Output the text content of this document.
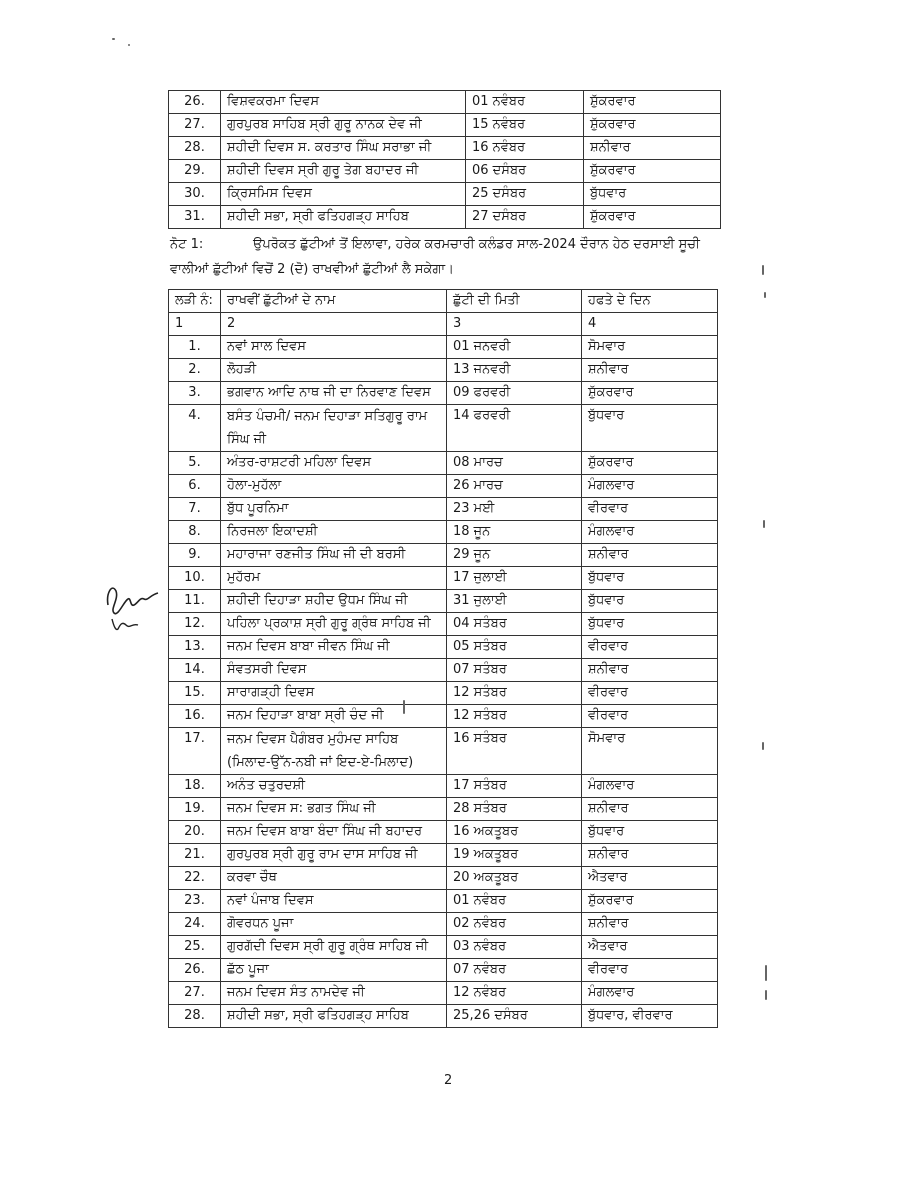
26.	ਵਿਸ਼ਵਕਰਮਾ ਦਿਵਸ	01 ਨਵੰਬਰ	ਸ਼ੁੱਕਰਵਾਰ
27.	ਗੁਰਪੁਰਬ ਸਾਹਿਬ ਸ੍ਰੀ ਗੁਰੂ ਨਾਨਕ ਦੇਵ ਜੀ	15 ਨਵੰਬਰ	ਸ਼ੁੱਕਰਵਾਰ
28.	ਸ਼ਹੀਦੀ ਦਿਵਸ ਸ. ਕਰਤਾਰ ਸਿੰਘ ਸਰਾਭਾ ਜੀ	16 ਨਵੰਬਰ	ਸ਼ਨੀਵਾਰ
29.	ਸ਼ਹੀਦੀ ਦਿਵਸ ਸ੍ਰੀ ਗੁਰੂ ਤੇਗ ਬਹਾਦਰ ਜੀ	06 ਦਸੰਬਰ	ਸ਼ੁੱਕਰਵਾਰ
30.	ਕ੍ਰਿਸਮਿਸ ਦਿਵਸ	25 ਦਸੰਬਰ	ਬੁੱਧਵਾਰ
31.	ਸ਼ਹੀਦੀ ਸਭਾ, ਸ੍ਰੀ ਫਤਿਹਗੜ੍ਹ ਸਾਹਿਬ	27 ਦਸੰਬਰ	ਸ਼ੁੱਕਰਵਾਰ
ਨੋਟ 1:	ਉਪਰੋਕਤ ਛੁੱਟੀਆਂ ਤੋਂ ਇਲਾਵਾ, ਹਰੇਕ ਕਰਮਚਾਰੀ ਕਲੰਡਰ ਸਾਲ-2024 ਦੌਰਾਨ ਹੇਠ ਦਰਸਾਈ ਸੂਚੀ
ਵਾਲੀਆਂ ਛੁੱਟੀਆਂ ਵਿਚੋਂ 2 (ਦੋ) ਰਾਖਵੀਆਂ ਛੁੱਟੀਆਂ ਲੈ ਸਕੇਗਾ।
ਲੜੀ ਨੰ:	ਰਾਖਵੀਂ ਛੁੱਟੀਆਂ ਦੇ ਨਾਮ	ਛੁੱਟੀ ਦੀ ਮਿਤੀ	ਹਫਤੇ ਦੇ ਦਿਨ
1	2	3	4
1.	ਨਵਾਂ ਸਾਲ ਦਿਵਸ	01 ਜਨਵਰੀ	ਸੋਮਵਾਰ
2.	ਲੋਹੜੀ	13 ਜਨਵਰੀ	ਸ਼ਨੀਵਾਰ
3.	ਭਗਵਾਨ ਆਦਿ ਨਾਥ ਜੀ ਦਾ ਨਿਰਵਾਣ ਦਿਵਸ	09 ਫਰਵਰੀ	ਸ਼ੁੱਕਰਵਾਰ
4.	ਬਸੰਤ ਪੰਚਮੀ/ ਜਨਮ ਦਿਹਾੜਾ ਸਤਿਗੁਰੂ ਰਾਮ ਸਿੰਘ ਜੀ	14 ਫਰਵਰੀ	ਬੁੱਧਵਾਰ
5.	ਅੰਤਰ-ਰਾਸ਼ਟਰੀ ਮਹਿਲਾ ਦਿਵਸ	08 ਮਾਰਚ	ਸ਼ੁੱਕਰਵਾਰ
6.	ਹੋਲਾ-ਮੁਹੱਲਾ	26 ਮਾਰਚ	ਮੰਗਲਵਾਰ
7.	ਬੁੱਧ ਪੂਰਨਿਮਾ	23 ਮਈ	ਵੀਰਵਾਰ
8.	ਨਿਰਜਲਾ ਇਕਾਦਸ਼ੀ	18 ਜੂਨ	ਮੰਗਲਵਾਰ
9.	ਮਹਾਰਾਜਾ ਰਣਜੀਤ ਸਿੰਘ ਜੀ ਦੀ ਬਰਸੀ	29 ਜੂਨ	ਸ਼ਨੀਵਾਰ
10.	ਮੁਹੱਰਮ	17 ਜੁਲਾਈ	ਬੁੱਧਵਾਰ
11.	ਸ਼ਹੀਦੀ ਦਿਹਾੜਾ ਸ਼ਹੀਦ ਉਧਮ ਸਿੰਘ ਜੀ	31 ਜੁਲਾਈ	ਬੁੱਧਵਾਰ
12.	ਪਹਿਲਾ ਪ੍ਰਕਾਸ਼ ਸ੍ਰੀ ਗੁਰੂ ਗ੍ਰੰਥ ਸਾਹਿਬ ਜੀ	04 ਸਤੰਬਰ	ਬੁੱਧਵਾਰ
13.	ਜਨਮ ਦਿਵਸ ਬਾਬਾ ਜੀਵਨ ਸਿੰਘ ਜੀ	05 ਸਤੰਬਰ	ਵੀਰਵਾਰ
14.	ਸੰਵਤਸਰੀ ਦਿਵਸ	07 ਸਤੰਬਰ	ਸ਼ਨੀਵਾਰ
15.	ਸਾਰਾਗੜ੍ਹੀ ਦਿਵਸ	12 ਸਤੰਬਰ	ਵੀਰਵਾਰ
16.	ਜਨਮ ਦਿਹਾੜਾ ਬਾਬਾ ਸ੍ਰੀ ਚੰਦ ਜੀ	12 ਸਤੰਬਰ	ਵੀਰਵਾਰ
17.	ਜਨਮ ਦਿਵਸ ਪੈਗੰਬਰ ਮੁਹੰਮਦ ਸਾਹਿਬ (ਮਿਲਾਦ-ਉੱਨ-ਨਬੀ ਜਾਂ ਇਦ-ਏ-ਮਿਲਾਦ)	16 ਸਤੰਬਰ	ਸੋਮਵਾਰ
18.	ਅਨੰਤ ਚਤੁਰਦਸ਼ੀ	17 ਸਤੰਬਰ	ਮੰਗਲਵਾਰ
19.	ਜਨਮ ਦਿਵਸ ਸ: ਭਗਤ ਸਿੰਘ ਜੀ	28 ਸਤੰਬਰ	ਸ਼ਨੀਵਾਰ
20.	ਜਨਮ ਦਿਵਸ ਬਾਬਾ ਬੰਦਾ ਸਿੰਘ ਜੀ ਬਹਾਦਰ	16 ਅਕਤੂਬਰ	ਬੁੱਧਵਾਰ
21.	ਗੁਰਪੁਰਬ ਸ੍ਰੀ ਗੁਰੂ ਰਾਮ ਦਾਸ ਸਾਹਿਬ ਜੀ	19 ਅਕਤੂਬਰ	ਸ਼ਨੀਵਾਰ
22.	ਕਰਵਾ ਚੌਥ	20 ਅਕਤੂਬਰ	ਐਤਵਾਰ
23.	ਨਵਾਂ ਪੰਜਾਬ ਦਿਵਸ	01 ਨਵੰਬਰ	ਸ਼ੁੱਕਰਵਾਰ
24.	ਗੋਵਰਧਨ ਪੂਜਾ	02 ਨਵੰਬਰ	ਸ਼ਨੀਵਾਰ
25.	ਗੁਰਗੱਦੀ ਦਿਵਸ ਸ੍ਰੀ ਗੁਰੂ ਗ੍ਰੰਥ ਸਾਹਿਬ ਜੀ	03 ਨਵੰਬਰ	ਐਤਵਾਰ
26.	ਛੱਠ ਪੂਜਾ	07 ਨਵੰਬਰ	ਵੀਰਵਾਰ
27.	ਜਨਮ ਦਿਵਸ ਸੰਤ ਨਾਮਦੇਵ ਜੀ	12 ਨਵੰਬਰ	ਮੰਗਲਵਾਰ
28.	ਸ਼ਹੀਦੀ ਸਭਾ, ਸ੍ਰੀ ਫਤਿਹਗੜ੍ਹ ਸਾਹਿਬ	25,26 ਦਸੰਬਰ	ਬੁੱਧਵਾਰ, ਵੀਰਵਾਰ
2
